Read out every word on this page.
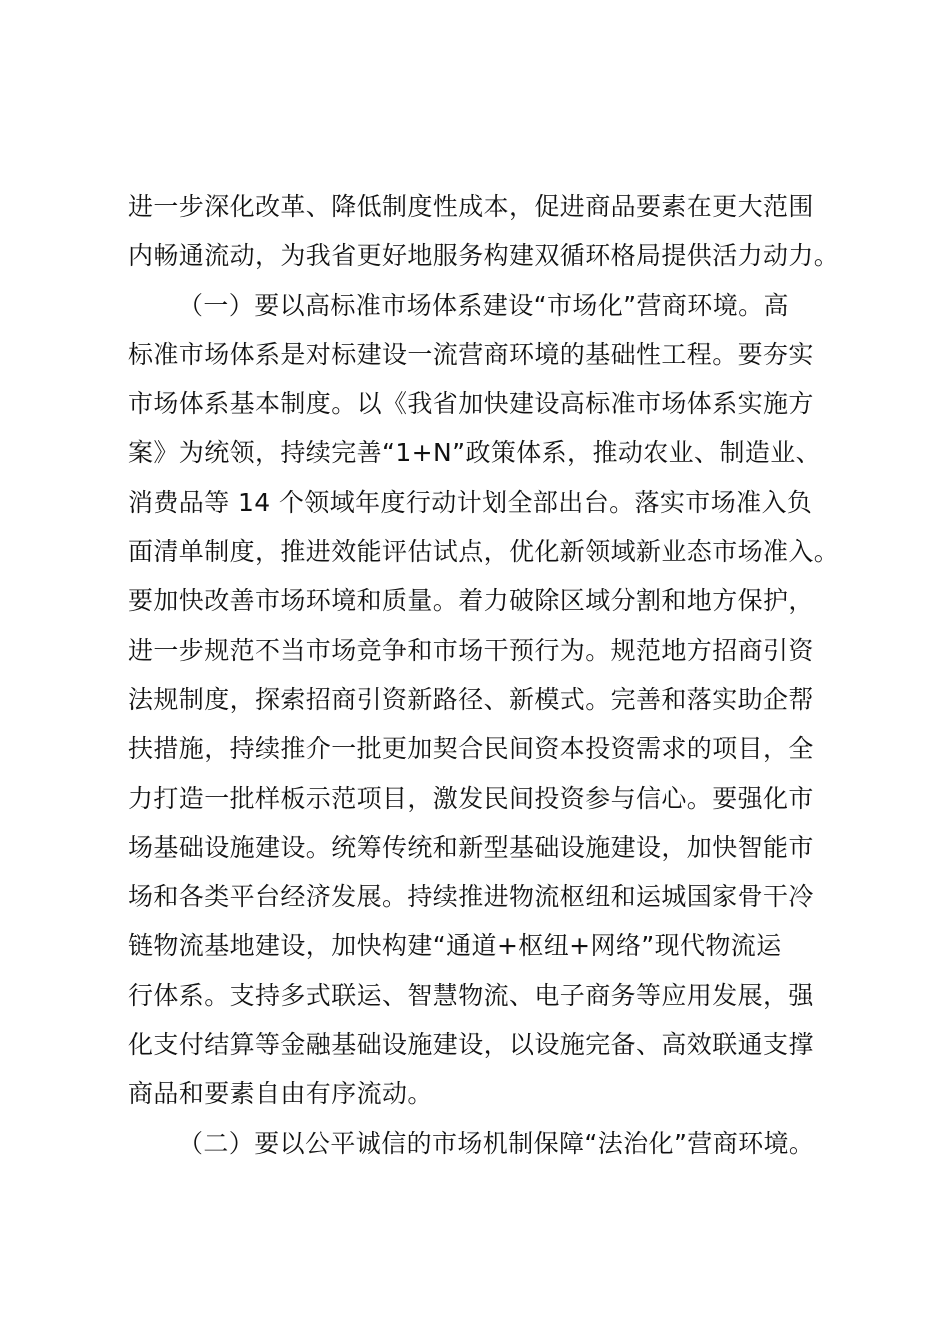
进一步深化改革、降低制度性成本，促进商品要素在更大范围
内畅通流动，为我省更好地服务构建双循环格局提供活力动力。
（一）要以高标准市场体系建设“市场化”营商环境。高
标准市场体系是对标建设一流营商环境的基础性工程。要夯实
市场体系基本制度。以《我省加快建设高标准市场体系实施方
案》为统领，持续完善“1+N”政策体系，推动农业、制造业、
消费品等 14 个领域年度行动计划全部出台。落实市场准入负
面清单制度，推进效能评估试点，优化新领域新业态市场准入。
要加快改善市场环境和质量。着力破除区域分割和地方保护，
进一步规范不当市场竞争和市场干预行为。规范地方招商引资
法规制度，探索招商引资新路径、新模式。完善和落实助企帮
扶措施，持续推介一批更加契合民间资本投资需求的项目，全
力打造一批样板示范项目，激发民间投资参与信心。要强化市
场基础设施建设。统筹传统和新型基础设施建设，加快智能市
场和各类平台经济发展。持续推进物流枢纽和运城国家骨干冷
链物流基地建设，加快构建“通道+枢纽+网络”现代物流运
行体系。支持多式联运、智慧物流、电子商务等应用发展，强
化支付结算等金融基础设施建设，以设施完备、高效联通支撑
商品和要素自由有序流动。
（二）要以公平诚信的市场机制保障“法治化”营商环境。
